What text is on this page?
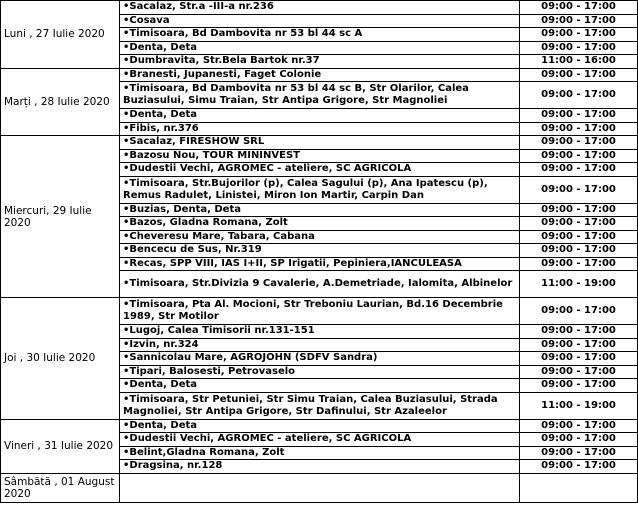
Luni , 27 Iulie 2020	•Sacalaz, Str.a -III-a nr.236	09:00 - 17:00
	•Cosava	09:00 - 17:00
	•Timisoara, Bd Dambovita nr 53 bl 44 sc A	09:00 - 17:00
	•Denta, Deta	09:00 - 17:00
	•Dumbravita, Str.Bela Bartok nr.37	11:00 - 16:00
Marți , 28 Iulie 2020	•Branesti, Jupanesti, Faget Colonie	09:00 - 17:00
	•Timisoara, Bd Dambovita nr 53 bl 44 sc B, Str Olarilor, Calea Buziasului, Simu Traian, Str Antipa Grigore, Str Magnoliei	09:00 - 17:00
	•Denta, Deta	09:00 - 17:00
	•Fibis, nr.376	09:00 - 17:00
Miercuri, 29 Iulie 2020	•Sacalaz, FIRESHOW SRL	09:00 - 17:00
	•Bazosu Nou, TOUR MININVEST	09:00 - 17:00
	•Dudestii Vechi, AGROMEC - ateliere, SC AGRICOLA	09:00 - 17:00
	•Timisoara, Str.Bujorilor (p), Calea Sagului (p), Ana Ipatescu (p), Remus Radulet, Linistei, Miron Ion Martir, Carpin Dan	09:00 - 17:00
	•Buzias, Denta, Deta	09:00 - 17:00
	•Bazos, Gladna Romana, Zolt	09:00 - 17:00
	•Cheveresu Mare, Tabara, Cabana	09:00 - 17:00
	•Bencecu de Sus, Nr.319	09:00 - 17:00
	•Recas, SPP VIII, IAS I+II, SP Irigatii, Pepiniera,IANCULEASA	09:00 - 17:00
	•Timisoara, Str.Divizia 9 Cavalerie, A.Demetriade, Ialomita, Albinelor	11:00 - 19:00
Joi , 30 Iulie 2020	•Timisoara, Pta Al. Mocioni, Str Treboniu Laurian, Bd.16 Decembrie 1989, Str Motilor	09:00 - 17:00
	•Lugoj, Calea Timisorii nr.131-151	09:00 - 17:00
	•Izvin, nr.324	09:00 - 17:00
	•Sannicolau Mare, AGROJOHN (SDFV Sandra)	09:00 - 17:00
	•Tipari, Balosesti, Petrovaselo	09:00 - 17:00
	•Denta, Deta	09:00 - 17:00
	•Timisoara, Str Petuniei, Str Simu Traian, Calea Buziasului, Strada Magnoliei, Str Antipa Grigore, Str Dafinului, Str Azaleelor	11:00 - 19:00
Vineri , 31 Iulie 2020	•Denta, Deta	09:00 - 17:00
	•Dudestii Vechi, AGROMEC - ateliere, SC AGRICOLA	09:00 - 17:00
	•Belint,Gladna Romana, Zolt	09:00 - 17:00
	•Dragsina, nr.128	09:00 - 17:00
Sâmbătă , 01 August 2020		
